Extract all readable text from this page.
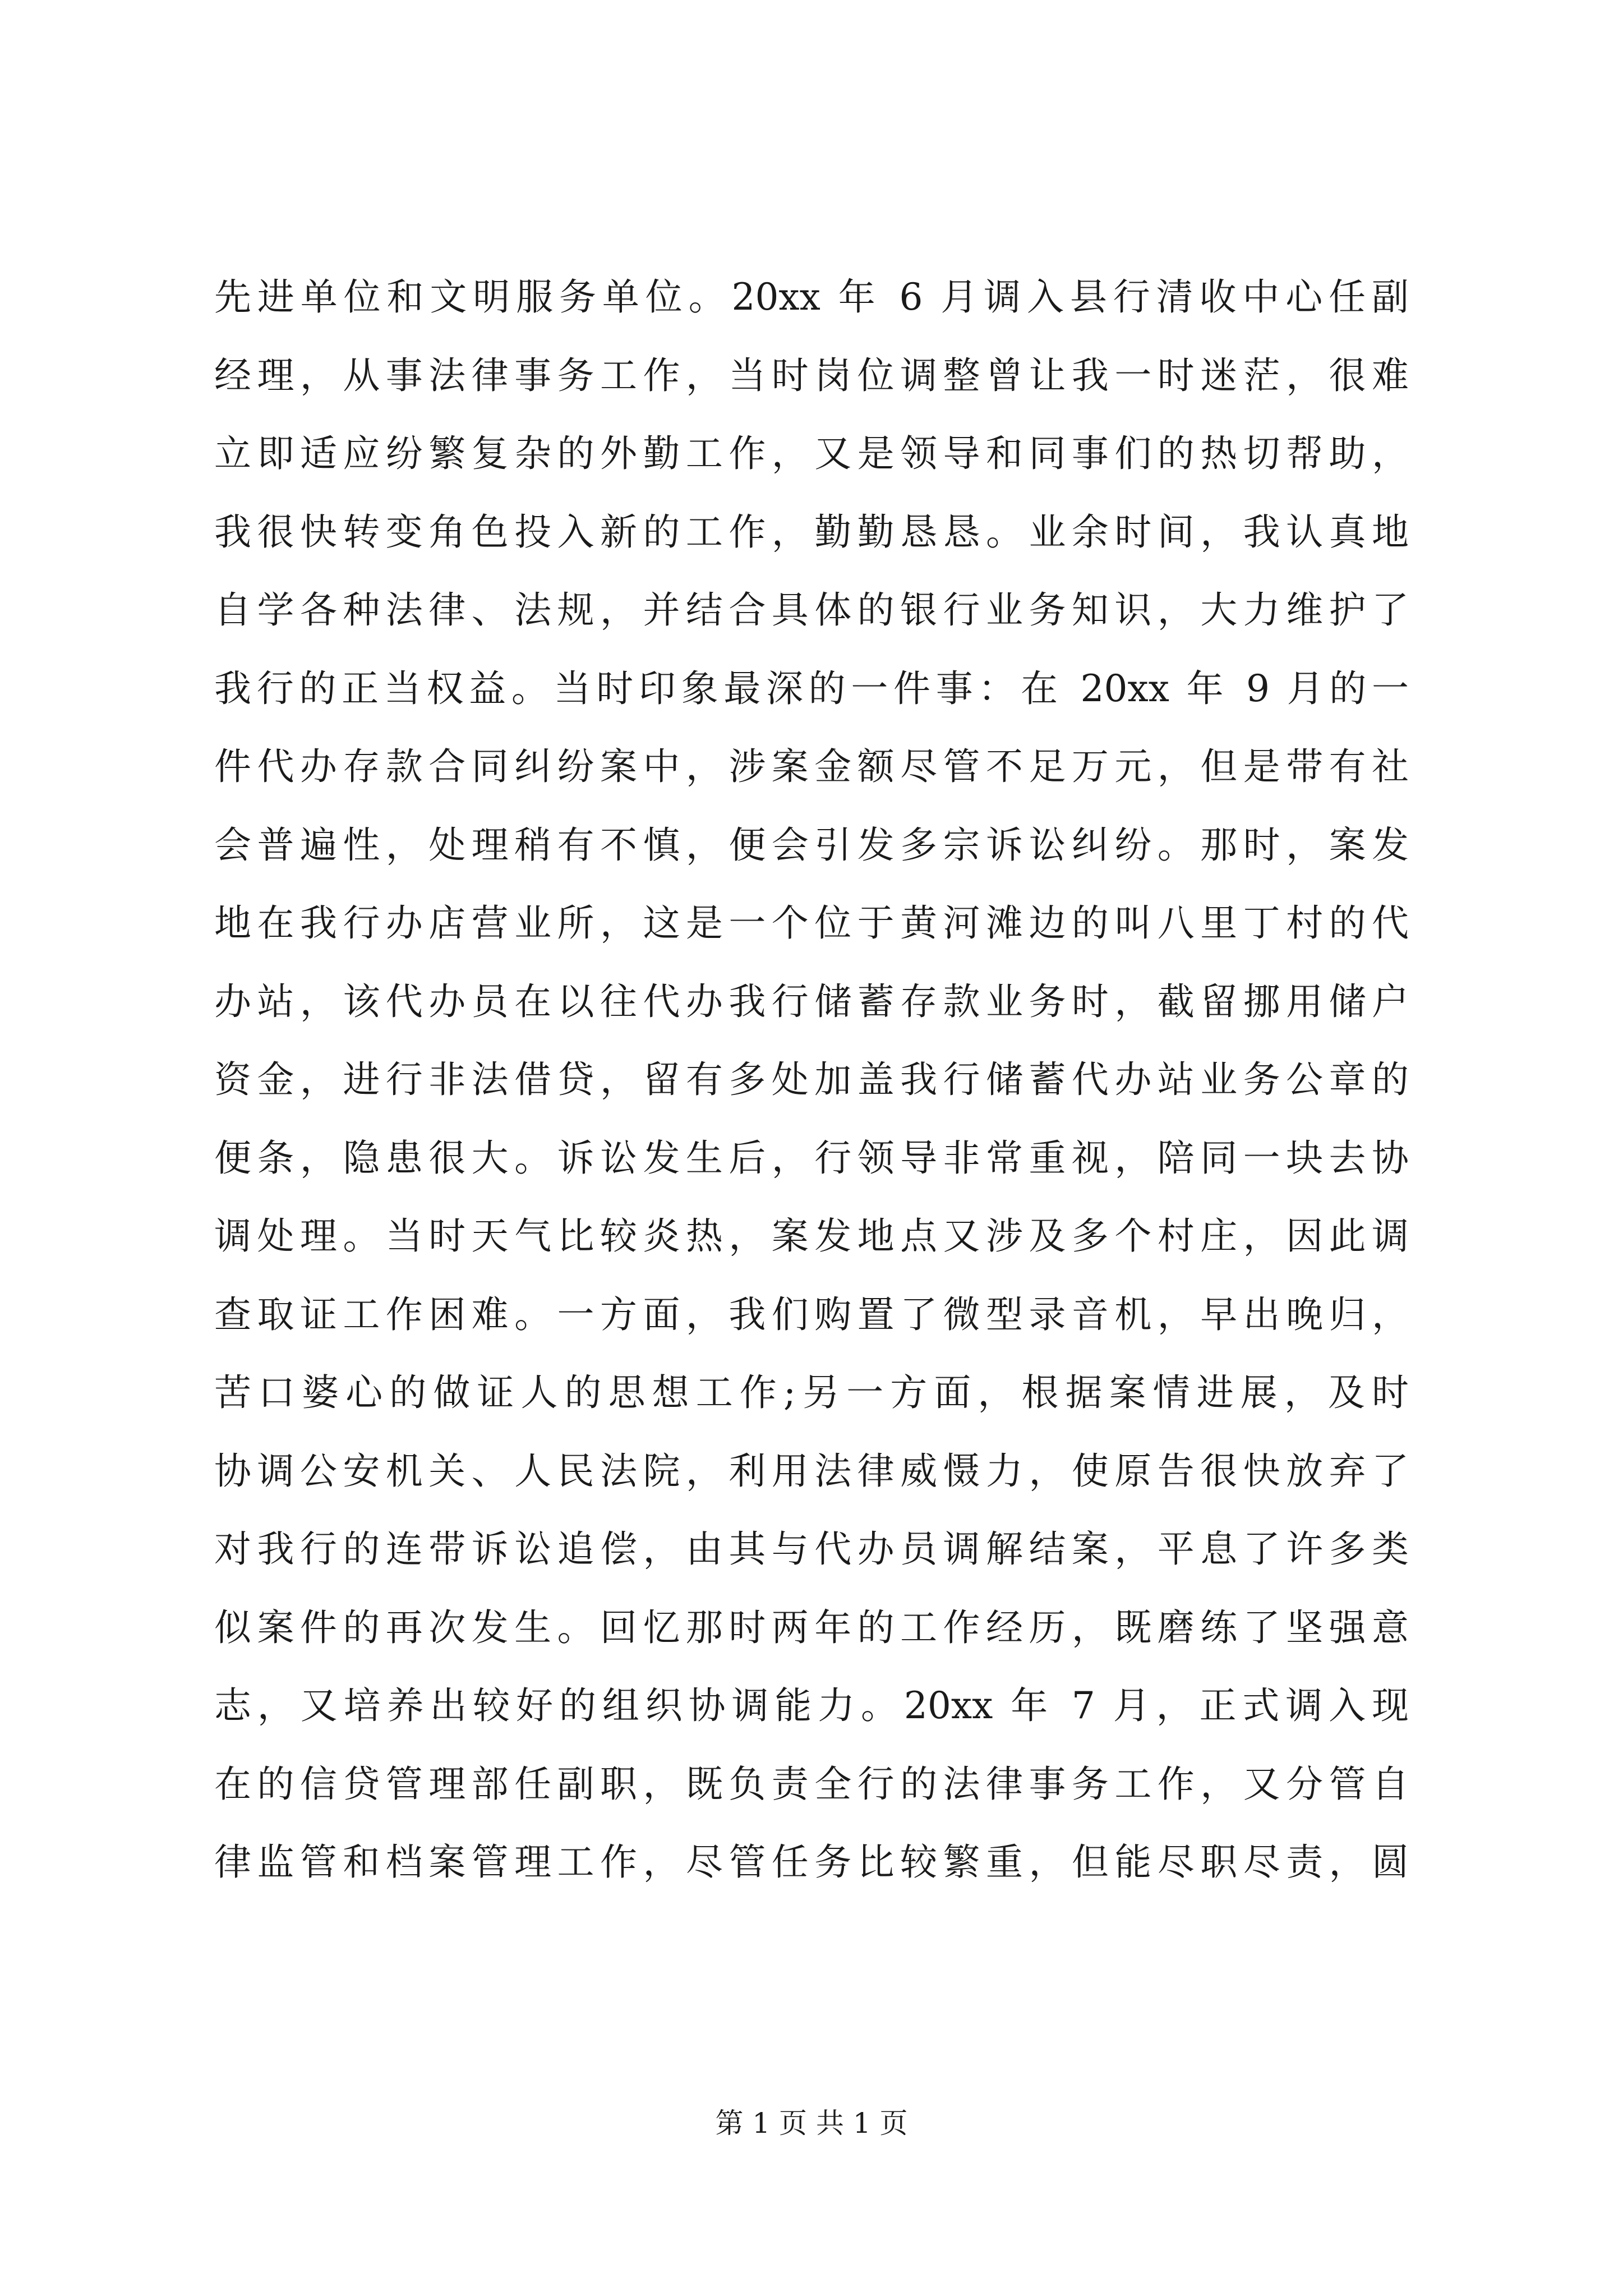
先进单位和文明服务单位。20xx 年 6 月调入县行清收中心任副
经理，从事法律事务工作，当时岗位调整曾让我一时迷茫，很难
立即适应纷繁复杂的外勤工作，又是领导和同事们的热切帮助，
我很快转变角色投入新的工作，勤勤恳恳。业余时间，我认真地
自学各种法律、法规，并结合具体的银行业务知识，大力维护了
我行的正当权益。当时印象最深的一件事：在 20xx 年 9 月的一
件代办存款合同纠纷案中，涉案金额尽管不足万元，但是带有社
会普遍性，处理稍有不慎，便会引发多宗诉讼纠纷。那时，案发
地在我行办店营业所，这是一个位于黄河滩边的叫八里丁村的代
办站，该代办员在以往代办我行储蓄存款业务时，截留挪用储户
资金，进行非法借贷，留有多处加盖我行储蓄代办站业务公章的
便条，隐患很大。诉讼发生后，行领导非常重视，陪同一块去协
调处理。当时天气比较炎热，案发地点又涉及多个村庄，因此调
查取证工作困难。一方面，我们购置了微型录音机，早出晚归，
苦口婆心的做证人的思想工作;另一方面，根据案情进展，及时
协调公安机关、人民法院，利用法律威慑力，使原告很快放弃了
对我行的连带诉讼追偿，由其与代办员调解结案，平息了许多类
似案件的再次发生。回忆那时两年的工作经历，既磨练了坚强意
志，又培养出较好的组织协调能力。20xx 年 7 月，正式调入现
在的信贷管理部任副职，既负责全行的法律事务工作，又分管自
律监管和档案管理工作，尽管任务比较繁重，但能尽职尽责，圆
第 1 页 共 1 页
